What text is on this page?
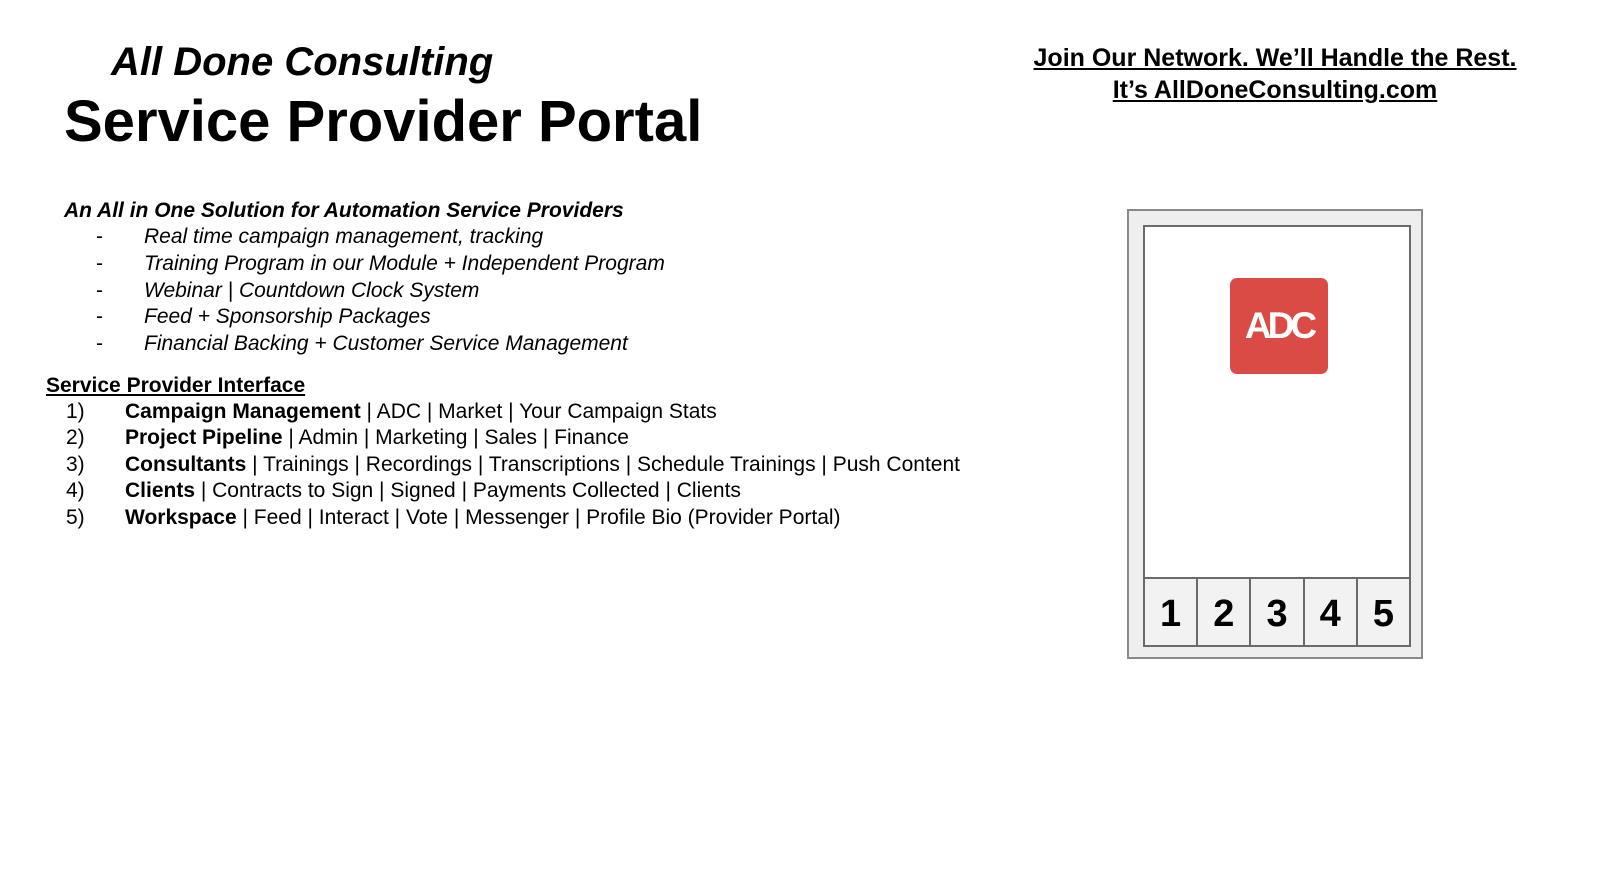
All Done Consulting
Service Provider Portal
Join Our Network. We’ll Handle the Rest.
It’s AllDoneConsulting.com
An All in One Solution for Automation Service Providers
- Real time campaign management, tracking
- Training Program in our Module + Independent Program
- Webinar | Countdown Clock System
- Feed + Sponsorship Packages
- Financial Backing + Customer Service Management
Service Provider Interface
1) Campaign Management | ADC | Market | Your Campaign Stats
2) Project Pipeline | Admin | Marketing | Sales | Finance
3) Consultants | Trainings | Recordings | Transcriptions | Schedule Trainings | Push Content
4) Clients | Contracts to Sign | Signed | Payments Collected | Clients
5) Workspace | Feed | Interact | Vote | Messenger | Profile Bio (Provider Portal)
ADC
1 2 3 4 5
